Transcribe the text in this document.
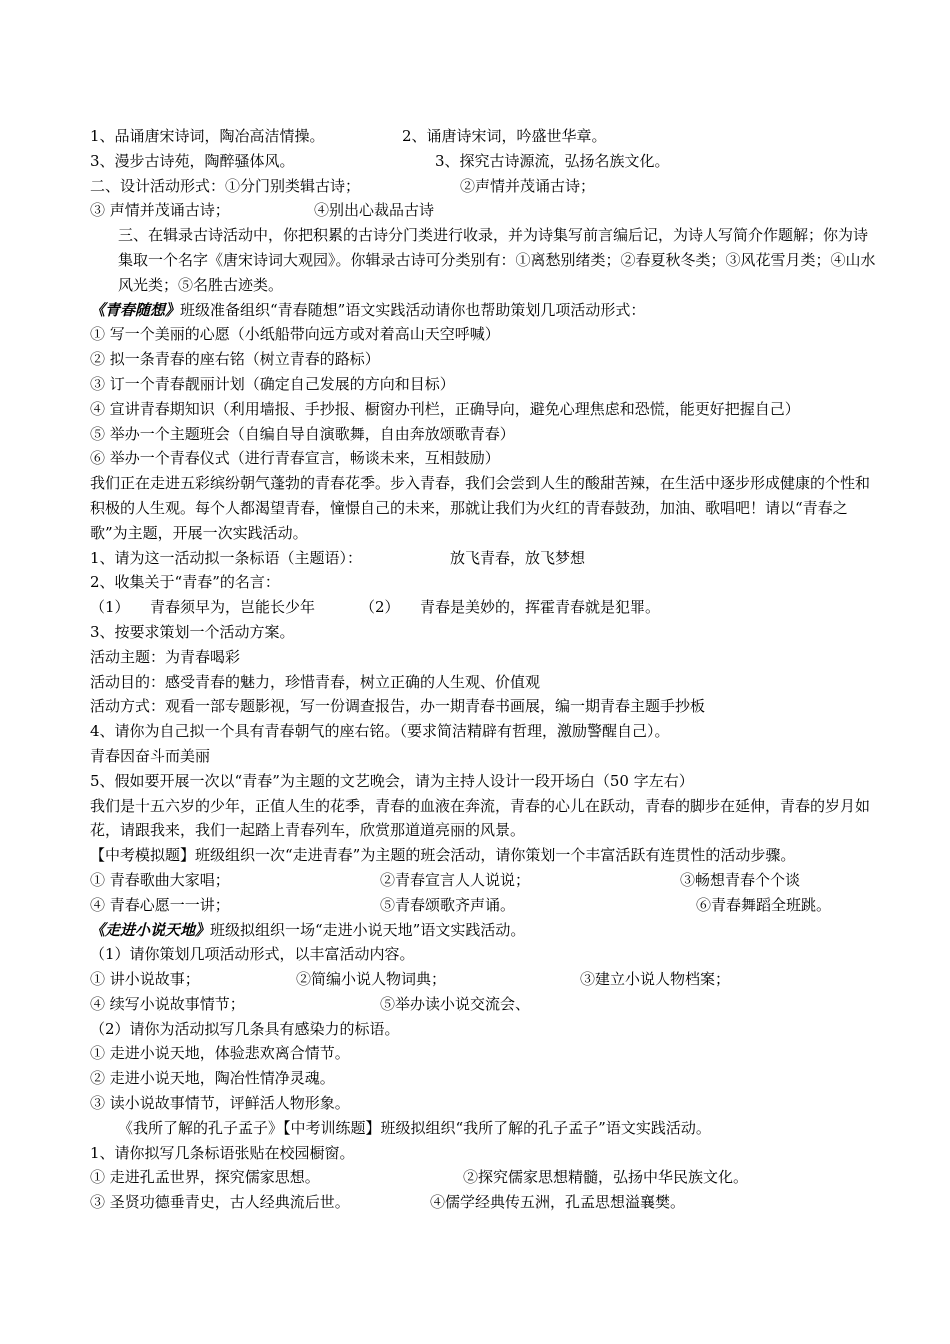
1、品诵唐宋诗词，陶冶高洁情操。	2、诵唐诗宋词，吟盛世华章。
3、漫步古诗苑，陶醉骚体风。	3、探究古诗源流，弘扬名族文化。
二、设计活动形式：①分门别类辑古诗；	②声情并茂诵古诗；
③ 声情并茂诵古诗；	④别出心裁品古诗
三、在辑录古诗活动中，你把积累的古诗分门类进行收录，并为诗集写前言编后记，为诗人写简介作题解；你为诗集取一个名字《唐宋诗词大观园》。你辑录古诗可分类别有：①离愁别绪类；②春夏秋冬类；③风花雪月类；④山水风光类；⑤名胜古迹类。
《青春随想》班级准备组织“青春随想”语文实践活动请你也帮助策划几项活动形式：
① 写一个美丽的心愿（小纸船带向远方或对着高山天空呼喊）
② 拟一条青春的座右铭（树立青春的路标）
③ 订一个青春靓丽计划（确定自己发展的方向和目标）
④ 宣讲青春期知识（利用墙报、手抄报、橱窗办刊栏，正确导向，避免心理焦虑和恐慌，能更好把握自己）
⑤ 举办一个主题班会（自编自导自演歌舞，自由奔放颂歌青春）
⑥ 举办一个青春仪式（进行青春宣言，畅谈未来，互相鼓励）
我们正在走进五彩缤纷朝气蓬勃的青春花季。步入青春，我们会尝到人生的酸甜苦辣，在生活中逐步形成健康的个性和积极的人生观。每个人都渴望青春，憧憬自己的未来，那就让我们为火红的青春鼓劲，加油、歌唱吧！请以“青春之歌”为主题，开展一次实践活动。
1、请为这一活动拟一条标语（主题语）：	放飞青春，放飞梦想
2、收集关于“青春”的名言：
（1） 青春须早为，岂能长少年	（2） 青春是美妙的，挥霍青春就是犯罪。
3、按要求策划一个活动方案。
活动主题：为青春喝彩
活动目的：感受青春的魅力，珍惜青春，树立正确的人生观、价值观
活动方式：观看一部专题影视，写一份调查报告，办一期青春书画展，编一期青春主题手抄板
4、请你为自己拟一个具有青春朝气的座右铭。（要求简洁精辟有哲理，激励警醒自己）。
青春因奋斗而美丽
5、假如要开展一次以“青春”为主题的文艺晚会，请为主持人设计一段开场白（50 字左右）
我们是十五六岁的少年，正值人生的花季，青春的血液在奔流，青春的心儿在跃动，青春的脚步在延伸，青春的岁月如花，请跟我来，我们一起踏上青春列车，欣赏那道道亮丽的风景。
【中考模拟题】班级组织一次“走进青春”为主题的班会活动，请你策划一个丰富活跃有连贯性的活动步骤。
① 青春歌曲大家唱；	②青春宣言人人说说；	③畅想青春个个谈
④ 青春心愿一一讲；	⑤青春颂歌齐声诵。	⑥青春舞蹈全班跳。
《走进小说天地》班级拟组织一场“走进小说天地”语文实践活动。
（1）请你策划几项活动形式，以丰富活动内容。
① 讲小说故事；	②简编小说人物词典；	③建立小说人物档案；
④ 续写小说故事情节；	⑤举办读小说交流会、
（2）请你为活动拟写几条具有感染力的标语。
① 走进小说天地，体验悲欢离合情节。
② 走进小说天地，陶冶性情净灵魂。
③ 读小说故事情节，评鲜活人物形象。
《我所了解的孔子孟子》【中考训练题】班级拟组织“我所了解的孔子孟子”语文实践活动。
1、请你拟写几条标语张贴在校园橱窗。
① 走进孔孟世界，探究儒家思想。	②探究儒家思想精髓，弘扬中华民族文化。
③ 圣贤功德垂青史，古人经典流后世。	④儒学经典传五洲，孔孟思想溢襄樊。
